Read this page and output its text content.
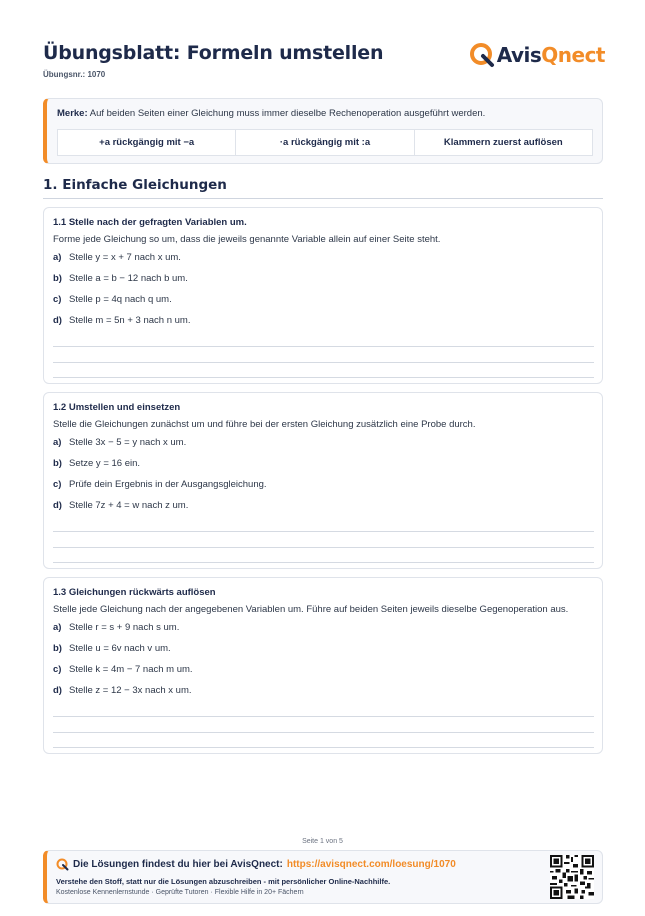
Übungsblatt: Formeln umstellen
Übungsnr.: 1070
AvisQnect
Merke: Auf beiden Seiten einer Gleichung muss immer dieselbe Rechenoperation ausgeführt werden.
+a rückgängig mit −a	·a rückgängig mit :a	Klammern zuerst auflösen
1. Einfache Gleichungen
1.1 Stelle nach der gefragten Variablen um.
Forme jede Gleichung so um, dass die jeweils genannte Variable allein auf einer Seite steht.
a) Stelle y = x + 7 nach x um.
b) Stelle a = b − 12 nach b um.
c) Stelle p = 4q nach q um.
d) Stelle m = 5n + 3 nach n um.
1.2 Umstellen und einsetzen
Stelle die Gleichungen zunächst um und führe bei der ersten Gleichung zusätzlich eine Probe durch.
a) Stelle 3x − 5 = y nach x um.
b) Setze y = 16 ein.
c) Prüfe dein Ergebnis in der Ausgangsgleichung.
d) Stelle 7z + 4 = w nach z um.
1.3 Gleichungen rückwärts auflösen
Stelle jede Gleichung nach der angegebenen Variablen um. Führe auf beiden Seiten jeweils dieselbe Gegenoperation aus.
a) Stelle r = s + 9 nach s um.
b) Stelle u = 6v nach v um.
c) Stelle k = 4m − 7 nach m um.
d) Stelle z = 12 − 3x nach x um.
Seite 1 von 5
Die Lösungen findest du hier bei AvisQnect: https://avisqnect.com/loesung/1070
Verstehe den Stoff, statt nur die Lösungen abzuschreiben - mit persönlicher Online-Nachhilfe.
Kostenlose Kennenlernstunde · Geprüfte Tutoren · Flexible Hilfe in 20+ Fächern
